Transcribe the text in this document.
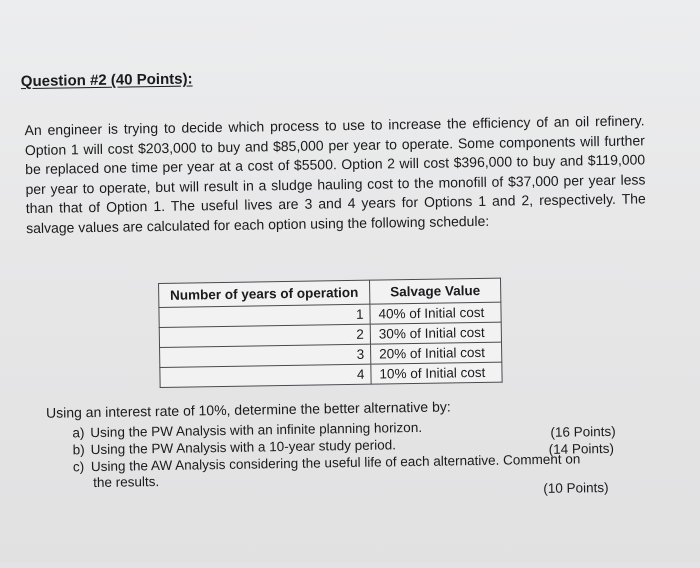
Question #2 (40 Points):

An engineer is trying to decide which process to use to increase the efficiency of an oil refinery. Option 1 will cost $203,000 to buy and $85,000 per year to operate. Some components will further be replaced one time per year at a cost of $5500. Option 2 will cost $396,000 to buy and $119,000 per year to operate, but will result in a sludge hauling cost to the monofill of $37,000 per year less than that of Option 1. The useful lives are 3 and 4 years for Options 1 and 2, respectively. The salvage values are calculated for each option using the following schedule:

Number of years of operation	Salvage Value
1	40% of Initial cost
2	30% of Initial cost
3	20% of Initial cost
4	10% of Initial cost
Using an interest rate of 10%, determine the better alternative by:
a) Using the PW Analysis with an infinite planning horizon.	(16 Points)
b) Using the PW Analysis with a 10-year study period.	(14 Points)
c) Using the AW Analysis considering the useful life of each alternative. Comment on
the results.	(10 Points)
